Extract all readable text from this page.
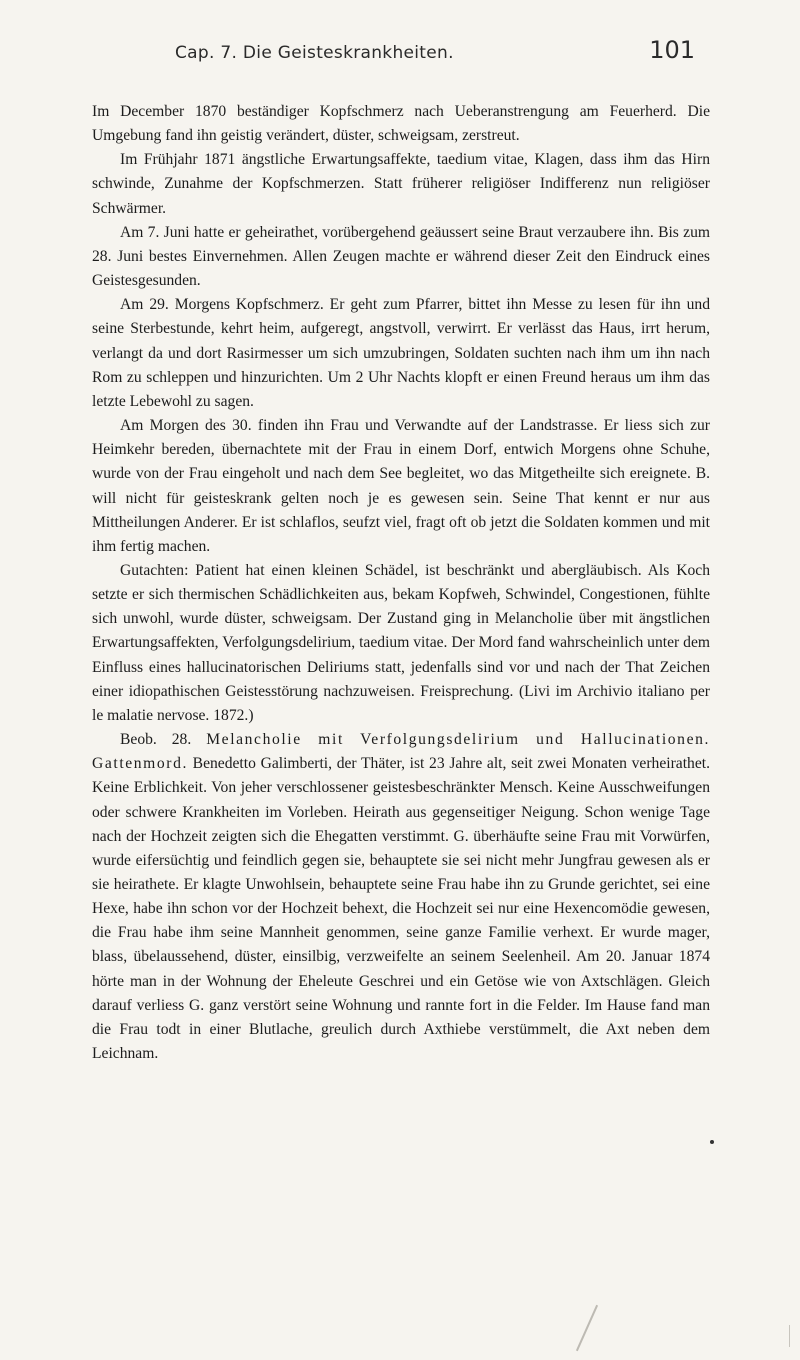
Cap. 7. Die Geisteskrankheiten.	101

Im December 1870 beständiger Kopfschmerz nach Ueberanstrengung am Feuerherd. Die Umgebung fand ihn geistig verändert, düster, schweigsam, zerstreut.

Im Frühjahr 1871 ängstliche Erwartungsaffekte, taedium vitae, Klagen, dass ihm das Hirn schwinde, Zunahme der Kopfschmerzen. Statt früherer religiöser Indifferenz nun religiöser Schwärmer.

Am 7. Juni hatte er geheirathet, vorübergehend geäussert seine Braut verzaubere ihn. Bis zum 28. Juni bestes Einvernehmen. Allen Zeugen machte er während dieser Zeit den Eindruck eines Geistesgesunden.

Am 29. Morgens Kopfschmerz. Er geht zum Pfarrer, bittet ihn Messe zu lesen für ihn und seine Sterbestunde, kehrt heim, aufgeregt, angstvoll, verwirrt. Er verlässt das Haus, irrt herum, verlangt da und dort Rasirmesser um sich umzubringen, Soldaten suchten nach ihm um ihn nach Rom zu schleppen und hinzurichten. Um 2 Uhr Nachts klopft er einen Freund heraus um ihm das letzte Lebewohl zu sagen.

Am Morgen des 30. finden ihn Frau und Verwandte auf der Landstrasse. Er liess sich zur Heimkehr bereden, übernachtete mit der Frau in einem Dorf, entwich Morgens ohne Schuhe, wurde von der Frau eingeholt und nach dem See begleitet, wo das Mitgetheilte sich ereignete. B. will nicht für geisteskrank gelten noch je es gewesen sein. Seine That kennt er nur aus Mittheilungen Anderer. Er ist schlaflos, seufzt viel, fragt oft ob jetzt die Soldaten kommen und mit ihm fertig machen.

Gutachten: Patient hat einen kleinen Schädel, ist beschränkt und abergläubisch. Als Koch setzte er sich thermischen Schädlichkeiten aus, bekam Kopfweh, Schwindel, Congestionen, fühlte sich unwohl, wurde düster, schweigsam. Der Zustand ging in Melancholie über mit ängstlichen Erwartungsaffekten, Verfolgungsdelirium, taedium vitae. Der Mord fand wahrscheinlich unter dem Einfluss eines hallucinatorischen Deliriums statt, jedenfalls sind vor und nach der That Zeichen einer idiopathischen Geistesstörung nachzuweisen. Freisprechung. (Livi im Archivio italiano per le malatie nervose. 1872.)

Beob. 28. Melancholie mit Verfolgungsdelirium und Hallucinationen. Gattenmord. Benedetto Galimberti, der Thäter, ist 23 Jahre alt, seit zwei Monaten verheirathet. Keine Erblichkeit. Von jeher verschlossener geistesbeschränkter Mensch. Keine Ausschweifungen oder schwere Krankheiten im Vorleben. Heirath aus gegenseitiger Neigung. Schon wenige Tage nach der Hochzeit zeigten sich die Ehegatten verstimmt. G. überhäufte seine Frau mit Vorwürfen, wurde eifersüchtig und feindlich gegen sie, behauptete sie sei nicht mehr Jungfrau gewesen als er sie heirathete. Er klagte Unwohlsein, behauptete seine Frau habe ihn zu Grunde gerichtet, sei eine Hexe, habe ihn schon vor der Hochzeit behext, die Hochzeit sei nur eine Hexencomödie gewesen, die Frau habe ihm seine Mannheit genommen, seine ganze Familie verhext. Er wurde mager, blass, übelaussehend, düster, einsilbig, verzweifelte an seinem Seelenheil. Am 20. Januar 1874 hörte man in der Wohnung der Eheleute Geschrei und ein Getöse wie von Axtschlägen. Gleich darauf verliess G. ganz verstört seine Wohnung und rannte fort in die Felder. Im Hause fand man die Frau todt in einer Blutlache, greulich durch Axthiebe verstümmelt, die Axt neben dem Leichnam.
